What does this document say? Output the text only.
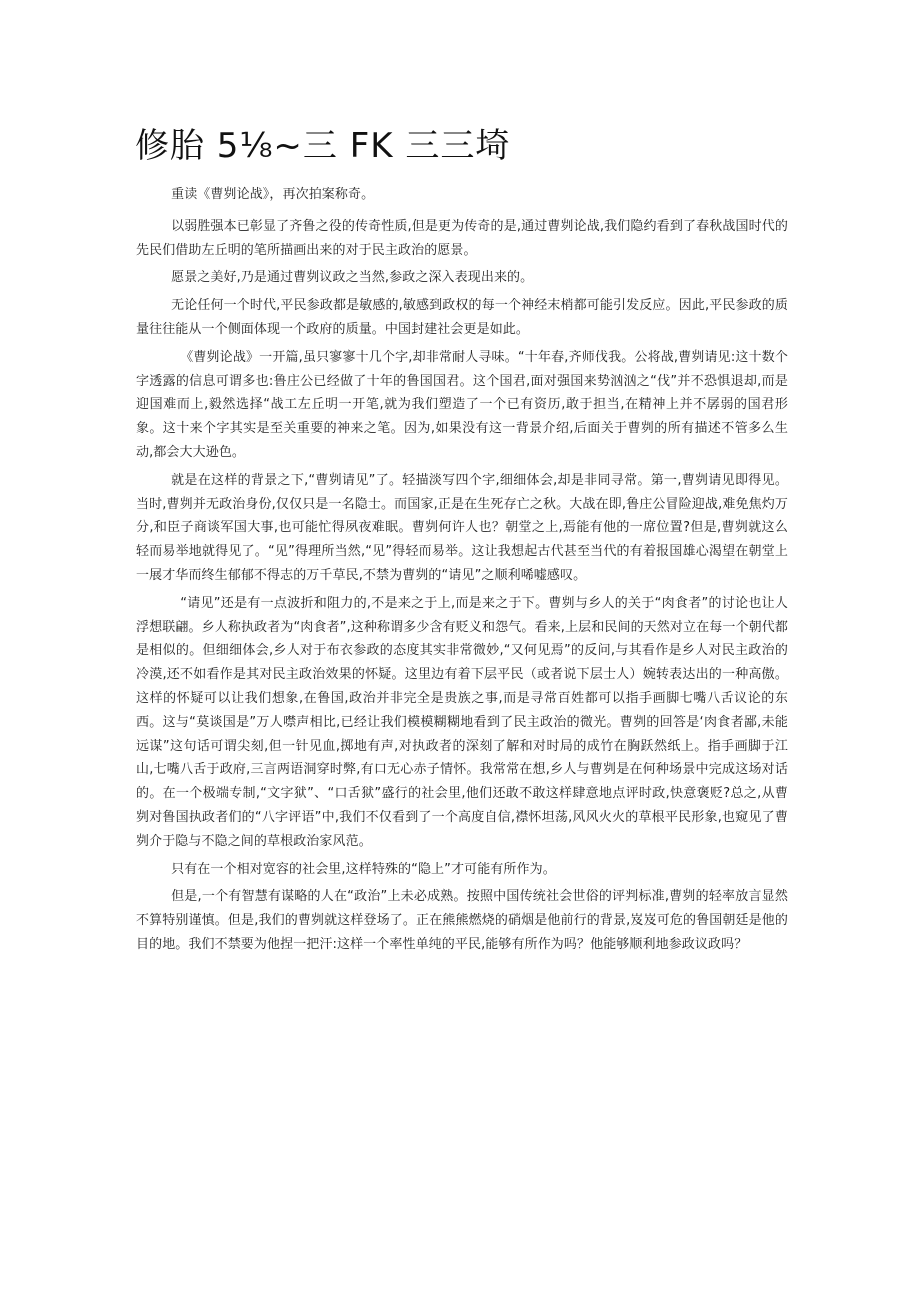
修胎 5⅛~三 FK 三三埼

重读《曹刿论战》，再次拍案称奇。

以弱胜强本已彰显了齐鲁之役的传奇性质,但是更为传奇的是,通过曹刿论战,我们隐约看到了春秋战国时代的先民们借助左丘明的笔所描画出来的对于民主政治的愿景。

愿景之美好,乃是通过曹刿议政之当然,参政之深入表现出来的。

无论任何一个时代,平民参政都是敏感的,敏感到政权的每一个神经末梢都可能引发反应。因此,平民参政的质量往往能从一个侧面体现一个政府的质量。中国封建社会更是如此。

《曹刿论战》一开篇,虽只寥寥十几个字,却非常耐人寻味。“十年春,齐师伐我。公将战,曹刿请见:这十数个字透露的信息可谓多也:鲁庄公已经做了十年的鲁国国君。这个国君,面对强国来势汹汹之“伐”并不恐惧退却,而是迎国难而上,毅然选择“战工左丘明一开笔,就为我们塑造了一个已有资历,敢于担当,在精神上并不孱弱的国君形象。这十来个字其实是至关重要的神来之笔。因为,如果没有这一背景介绍,后面关于曹刿的所有描述不管多么生动,都会大大逊色。

就是在这样的背景之下,“曹刿请见”了。轻描淡写四个字,细细体会,却是非同寻常。第一,曹刿请见即得见。当时,曹刿并无政治身份,仅仅只是一名隐士。而国家,正是在生死存亡之秋。大战在即,鲁庄公冒险迎战,难免焦灼万分,和臣子商谈军国大事,也可能忙得夙夜难眠。曹刿何许人也？朝堂之上,焉能有他的一席位置?但是,曹刿就这么轻而易举地就得见了。“见”得理所当然,“见”得轻而易举。这让我想起古代甚至当代的有着报国雄心渴望在朝堂上一展才华而终生郁郁不得志的万千草民,不禁为曹刿的“请见”之顺利唏嘘感叹。

“请见”还是有一点波折和阻力的,不是来之于上,而是来之于下。曹刿与乡人的关于“肉食者”的讨论也让人浮想联翩。乡人称执政者为“肉食者”,这种称谓多少含有贬义和怨气。看来,上层和民间的天然对立在每一个朝代都是相似的。但细细体会,乡人对于布衣参政的态度其实非常微妙,“又何见焉”的反问,与其看作是乡人对民主政治的冷漠,还不如看作是其对民主政治效果的怀疑。这里边有着下层平民（或者说下层士人）婉转表达出的一种高傲。这样的怀疑可以让我们想象,在鲁国,政治并非完全是贵族之事,而是寻常百姓都可以指手画脚七嘴八舌议论的东西。这与“莫谈国是”万人噤声相比,已经让我们模模糊糊地看到了民主政治的微光。曹刿的回答是‘肉食者鄙,未能远谋”这句话可谓尖刻,但一针见血,掷地有声,对执政者的深刻了解和对时局的成竹在胸跃然纸上。指手画脚于江山,七嘴八舌于政府,三言两语洞穿时弊,有口无心赤子情怀。我常常在想,乡人与曹刿是在何种场景中完成这场对话的。在一个极端专制,“文字狱”、“口舌狱”盛行的社会里,他们还敢不敢这样肆意地点评时政,快意褒贬?总之,从曹刿对鲁国执政者们的“八字评语”中,我们不仅看到了一个高度自信,襟怀坦荡,风风火火的草根平民形象,也窥见了曹刿介于隐与不隐之间的草根政治家风范。

只有在一个相对宽容的社会里,这样特殊的“隐上”才可能有所作为。

但是,一个有智慧有谋略的人在“政治”上未必成熟。按照中国传统社会世俗的评判标准,曹刿的轻率放言显然不算特别谨慎。但是,我们的曹刿就这样登场了。正在熊熊燃烧的硝烟是他前行的背景,岌岌可危的鲁国朝廷是他的目的地。我们不禁要为他捏一把汗:这样一个率性单纯的平民,能够有所作为吗？他能够顺利地参政议政吗？
